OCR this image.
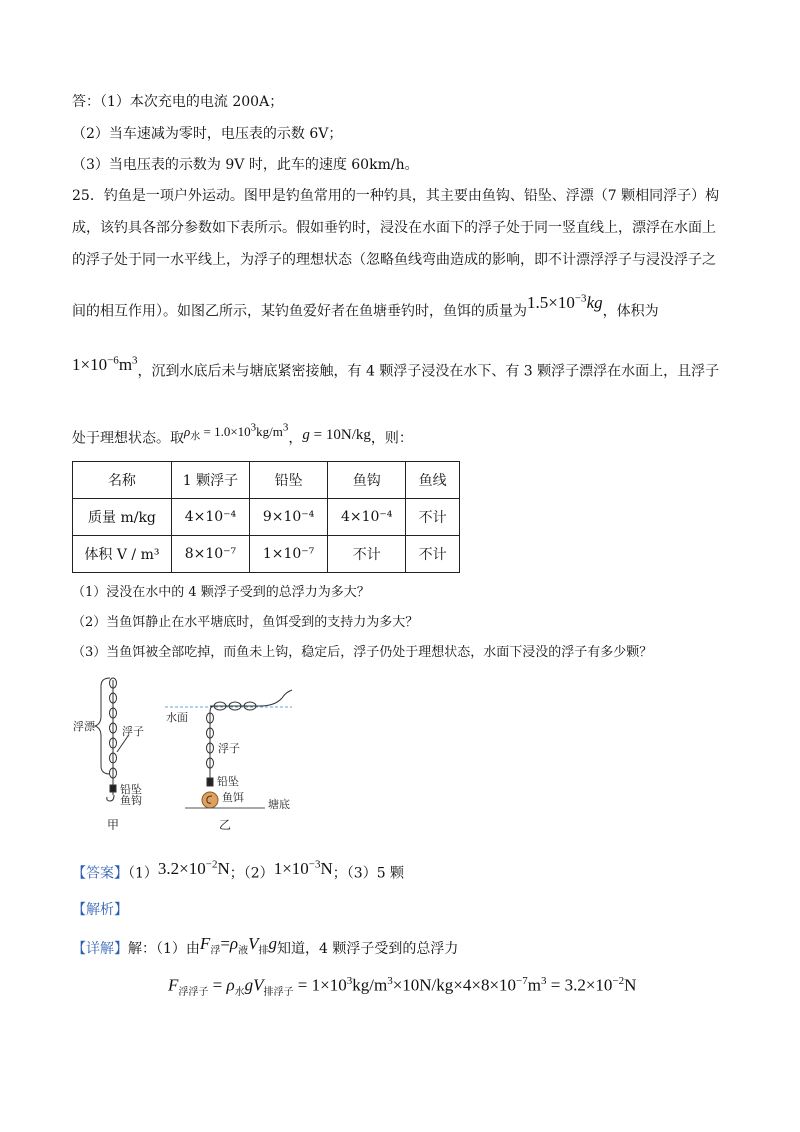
答：（1）本次充电的电流 200A；
（2）当车速减为零时，电压表的示数 6V；
（3）当电压表的示数为 9V 时，此车的速度 60km/h。
25．钓鱼是一项户外运动。图甲是钓鱼常用的一种钓具，其主要由鱼钩、铅坠、浮漂（7 颗相同浮子）构
成，该钓具各部分参数如下表所示。假如垂钓时，浸没在水面下的浮子处于同一竖直线上，漂浮在水面上
的浮子处于同一水平线上，为浮子的理想状态（忽略鱼线弯曲造成的影响，即不计漂浮浮子与浸没浮子之
间的相互作用）。如图乙所示，某钓鱼爱好者在鱼塘垂钓时，鱼饵的质量为$1.5\times 10^{-3}kg$，体积为
$1\times 10^{-6}m^3$，沉到水底后未与塘底紧密接触，有 4 颗浮子浸没在水下、有 3 颗浮子漂浮在水面上，且浮子
处于理想状态。取$\rho_水 = 1.0\times 10^3kg/m^3$，g = 10N/kg，则：
名称	1 颗浮子	铅坠	鱼钩	鱼线
质量 m/kg	4×10⁻⁴	9×10⁻⁴	4×10⁻⁴	不计
体积 V / m³	8×10⁻⁷	1×10⁻⁷	不计	不计
（1）浸没在水中的 4 颗浮子受到的总浮力为多大？
（2）当鱼饵静止在水平塘底时，鱼饵受到的支持力为多大？
（3）当鱼饵被全部吃掉，而鱼未上钩，稳定后，浮子仍处于理想状态，水面下浸没的浮子有多少颗？
浮漂 浮子
铅坠
鱼钩
甲
水面
浮子
铅坠
鱼饵
塘底
乙
【答案】$(1)3.2\times 10^{-2}N$；$(2)1\times 10^{-3}N$；（3）5 颗
【解析】
【详解】解：（1）由$F_浮=\rho_液V_排g$知道，4 颗浮子受到的总浮力
$F_{浮浮子} = \rho_水gV_{排浮子} = 1\times 10^3kg/m^3\times 10N/kg\times 4\times 8\times 10^{-7}m^3 = 3.2\times 10^{-2}N$
